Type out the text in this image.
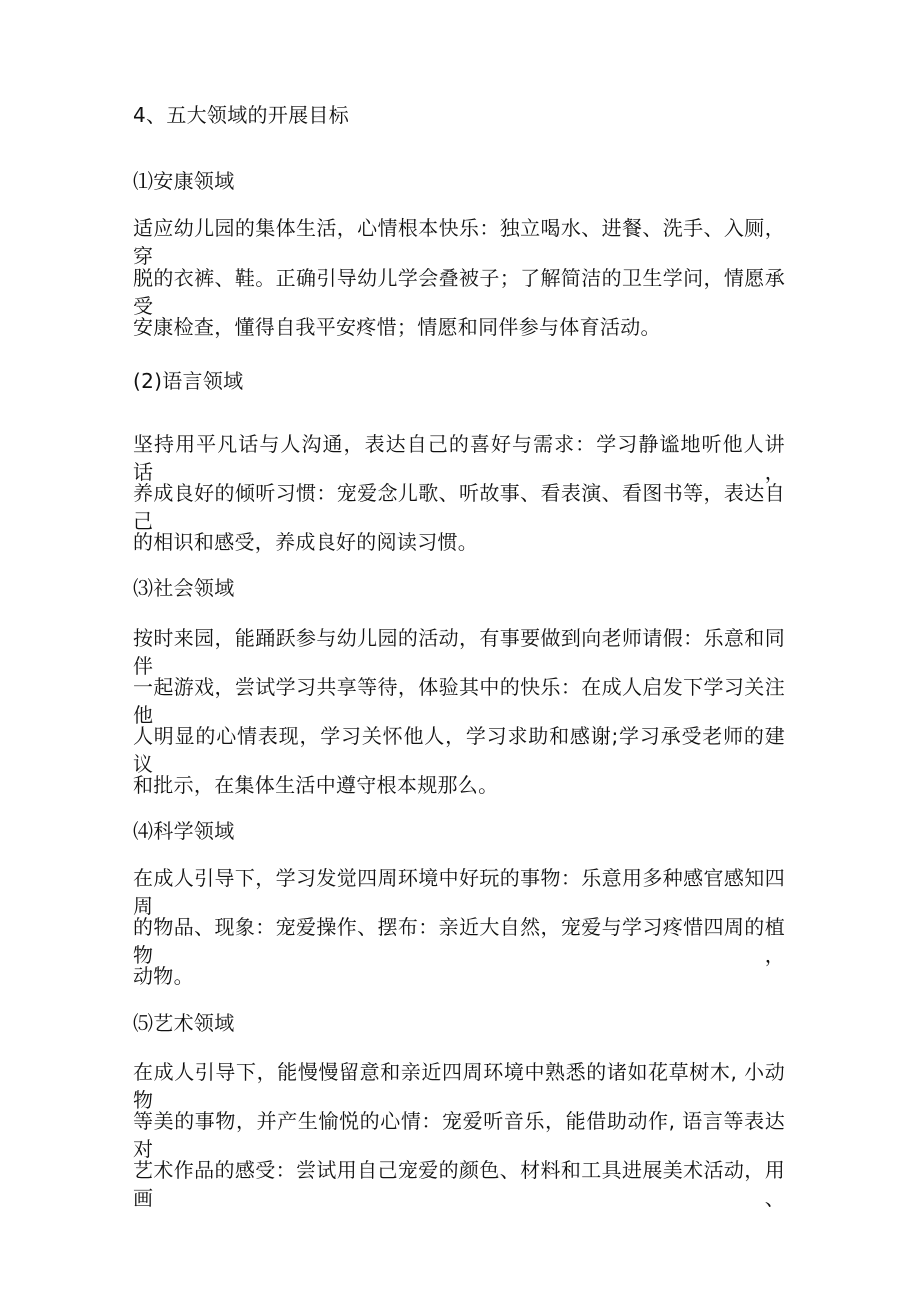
4、五大领域的开展目标

⑴安康领域

适应幼儿园的集体生活，心情根本快乐：独立喝水、进餐、洗手、入厕，穿

脱的衣裤、鞋。正确引导幼儿学会叠被子；了解简洁的卫生学问，情愿承受

安康检查，懂得自我平安疼惜；情愿和同伴参与体育活动。

(2)语言领域

坚持用平凡话与人沟通，表达自己的喜好与需求：学习静谧地听他人讲话，

养成良好的倾听习惯：宠爱念儿歌、听故事、看表演、看图书等，表达自己

的相识和感受，养成良好的阅读习惯。

⑶社会领域

按时来园，能踊跃参与幼儿园的活动，有事要做到向老师请假：乐意和同伴

一起游戏，尝试学习共享等待，体验其中的快乐：在成人启发下学习关注他

人明显的心情表现，学习关怀他人，学习求助和感谢;学习承受老师的建议

和批示，在集体生活中遵守根本规那么。

⑷科学领域

在成人引导下，学习发觉四周环境中好玩的事物：乐意用多种感官感知四周

的物品、现象：宠爱操作、摆布：亲近大自然，宠爱与学习疼惜四周的植物，

动物。

⑸艺术领域

在成人引导下，能慢慢留意和亲近四周环境中熟悉的诸如花草树木, 小动物

等美的事物，并产生愉悦的心情：宠爱听音乐，能借助动作, 语言等表达对

艺术作品的感受：尝试用自己宠爱的颜色、材料和工具进展美术活动，用画、
